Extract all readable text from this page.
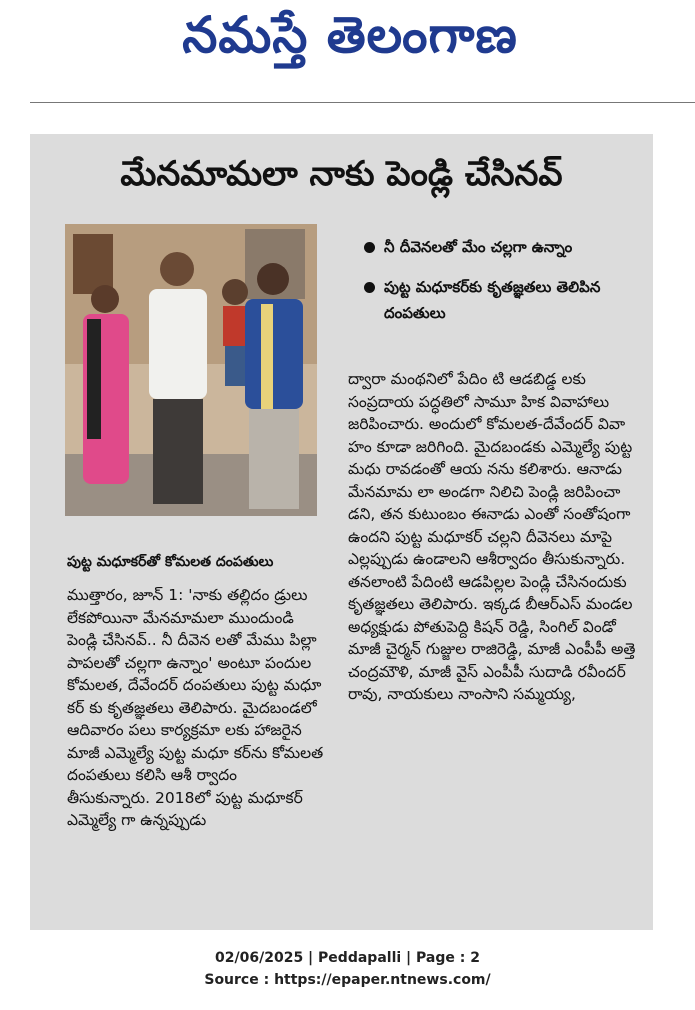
నమస్తే తెలంగాణ
మేనమామలా నాకు పెండ్లి చేసినవ్
పుట్ట మధూకర్‌తో కోమలత దంపతులు
నీ దీవెనలతో మేం చల్లగా ఉన్నాం
పుట్ట మధూకర్‌కు కృతజ్ఞతలు తెలిపిన దంపతులు

ముత్తారం, జూన్ 1: 'నాకు తల్లిదం డ్రులు లేకపోయినా మేనమామలా ముందుండి పెండ్లి చేసినవ్.. నీ దీవెన లతో మేము పిల్లా పాపలతో చల్లగా ఉన్నాం' అంటూ పందుల కోమలత, దేవేందర్ దంపతులు పుట్ట మధూ కర్ కు కృతజ్ఞతలు తెలిపారు. మైదబండలో ఆదివారం పలు కార్యక్రమా లకు హాజరైన మాజీ ఎమ్మెల్యే పుట్ట మధూ కర్‌ను కోమలత దంపతులు కలిసి ఆశీ ర్వాదం తీసుకున్నారు. 2018లో పుట్ట మధూకర్ ఎమ్మెల్యే గా ఉన్నప్పుడు

ద్వారా మంథనిలో పేదిం టి ఆడబిడ్డ లకు సంప్రదాయ పద్ధతిలో సామూ హిక వివాహాలు జరిపించారు. అందులో కోమలత-దేవేందర్ వివా హం కూడా జరిగింది. మైదబండకు ఎమ్మెల్యే పుట్ట మధు రావడంతో ఆయ నను కలిశారు. ఆనాడు మేనమామ లా అండగా నిలిచి పెండ్లి జరిపించా డని, తన కుటుంబం ఈనాడు ఎంతో సంతోషంగా ఉందని పుట్ట మధూకర్ చల్లని దీవెనలు మాపై ఎల్లప్పుడు ఉండాలని ఆశీర్వాదం తీసుకున్నారు. తనలాంటి పేదింటి ఆడపిల్లల పెండ్లి చేసినందుకు కృతజ్ఞతలు తెలిపారు. ఇక్కడ బీఆర్ఎస్ మండల అధ్యక్షుడు పోతుపెద్ది కిషన్ రెడ్డి, సింగిల్ విండో మాజీ చైర్మన్ గుజ్జుల రాజిరెడ్డి, మాజీ ఎంపీపీ అత్తె చంద్రమౌళి, మాజీ వైస్ ఎంపీపీ సుదాడి రవీందర్ రావు, నాయకులు నాంసాని సమ్మయ్య,

02/06/2025 | Peddapalli | Page : 2
Source : https://epaper.ntnews.com/
